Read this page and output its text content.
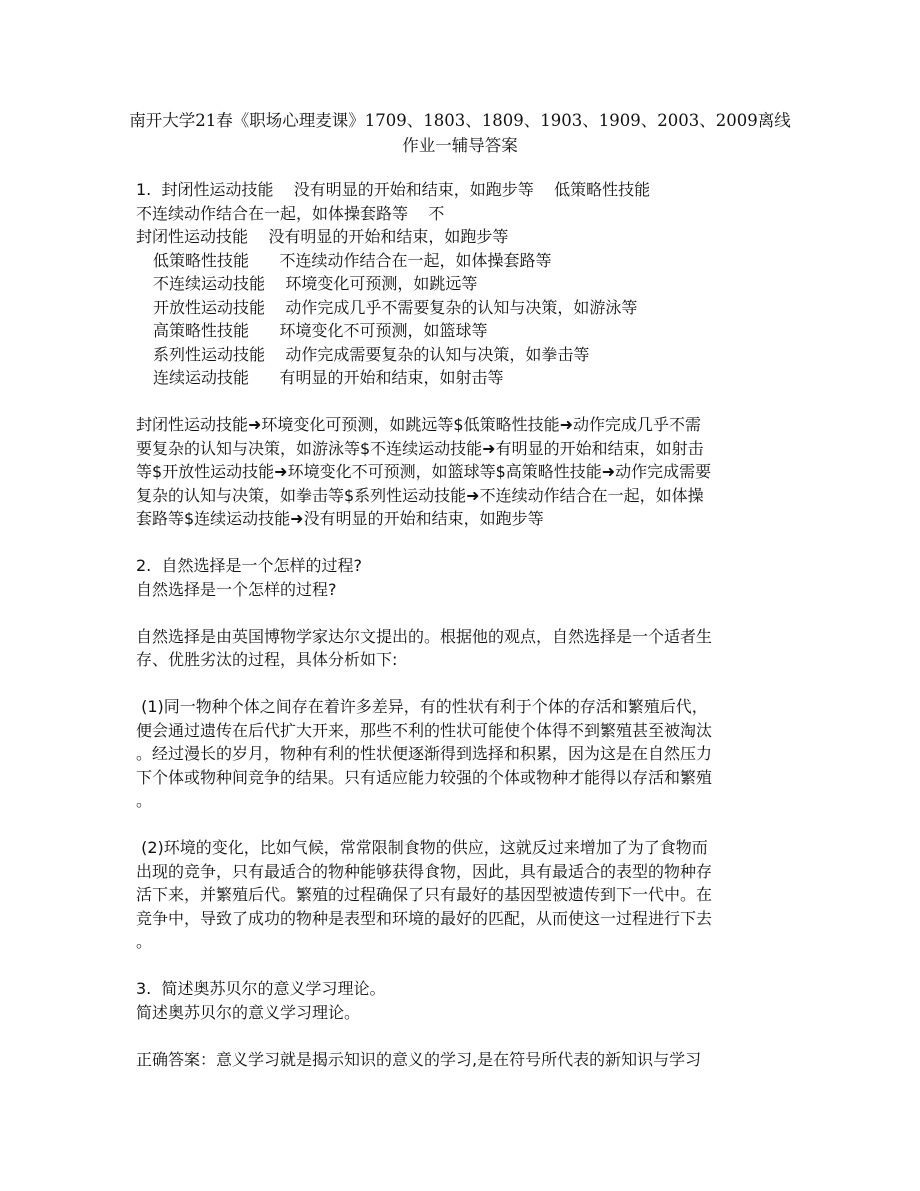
南开大学21春《职场心理麦课》1709、1803、1809、1903、1909、2003、2009离线
作业一辅导答案
1.  封闭性运动技能    没有明显的开始和结束，如跑步等    低策略性技能
不连续动作结合在一起，如体操套路等    不
封闭性运动技能    没有明显的开始和结束，如跑步等
低策略性技能      不连续动作结合在一起，如体操套路等
不连续运动技能    环境变化可预测，如跳远等
开放性运动技能    动作完成几乎不需要复杂的认知与决策，如游泳等
高策略性技能      环境变化不可预测，如篮球等
系列性运动技能    动作完成需要复杂的认知与决策，如拳击等
连续运动技能      有明显的开始和结束，如射击等
封闭性运动技能➜环境变化可预测，如跳远等$低策略性技能➜动作完成几乎不需
要复杂的认知与决策，如游泳等$不连续运动技能➜有明显的开始和结束，如射击
等$开放性运动技能➜环境变化不可预测，如篮球等$高策略性技能➜动作完成需要
复杂的认知与决策，如拳击等$系列性运动技能➜不连续动作结合在一起，如体操
套路等$连续运动技能➜没有明显的开始和结束，如跑步等
2.  自然选择是一个怎样的过程?
自然选择是一个怎样的过程?
自然选择是由英国博物学家达尔文提出的。根据他的观点，自然选择是一个适者生
存、优胜劣汰的过程，具体分析如下:
(1)同一物种个体之间存在着许多差异，有的性状有利于个体的存活和繁殖后代，
便会通过遗传在后代扩大开来，那些不利的性状可能使个体得不到繁殖甚至被淘汰
。经过漫长的岁月，物种有利的性状便逐渐得到选择和积累，因为这是在自然压力
下个体或物种间竞争的结果。只有适应能力较强的个体或物种才能得以存活和繁殖
。
(2)环境的变化，比如气候，常常限制食物的供应，这就反过来增加了为了食物而
出现的竞争，只有最适合的物种能够获得食物，因此，具有最适合的表型的物种存
活下来，并繁殖后代。繁殖的过程确保了只有最好的基因型被遗传到下一代中。在
竞争中，导致了成功的物种是表型和环境的最好的匹配，从而使这一过程进行下去
。
3.  简述奥苏贝尔的意义学习理论。
简述奥苏贝尔的意义学习理论。
正确答案：意义学习就是揭示知识的意义的学习,是在符号所代表的新知识与学习
